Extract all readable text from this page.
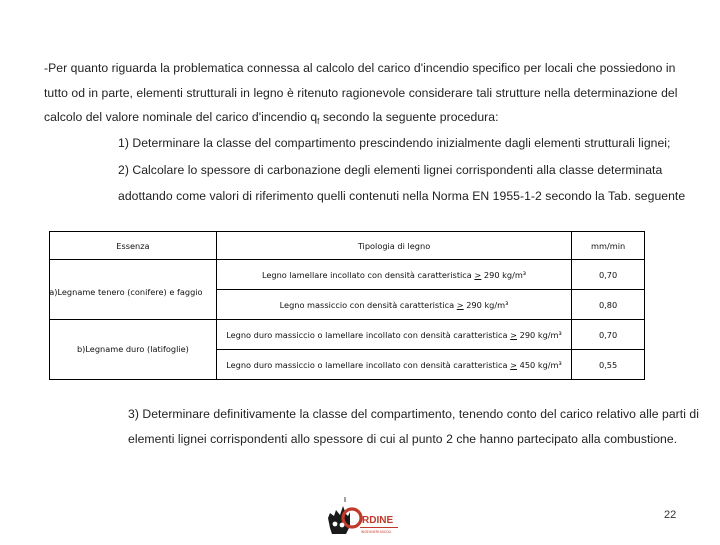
-Per quanto riguarda la problematica connessa al calcolo del carico d'incendio specifico per locali che possiedono in
tutto od in parte, elementi strutturali in legno è ritenuto ragionevole considerare tali strutture nella determinazione del
calcolo del valore nominale del carico d'incendio $q_f$ secondo la seguente procedura:
1) Determinare la classe del compartimento prescindendo inizialmente dagli elementi strutturali lignei;
2) Calcolare lo spessore di carbonazione degli elementi lignei corrispondenti alla classe determinata
adottando come valori di riferimento quelli contenuti nella Norma EN 1955-1-2 secondo la Tab. seguente
Essenza	Tipologia di legno	mm/min

a)Legname tenero (conifere) e faggio	Legno lamellare incollato con densità caratteristica > 290 kg/m³	0,70
	Legno massiccio con densità caratteristica > 290 kg/m³	0,80

b)Legname duro (latifoglie)	Legno duro massiccio o lamellare incollato con densità caratteristica > 290 kg/m³	0,70
	Legno duro massiccio o lamellare incollato con densità caratteristica > 450 kg/m³	0,55
3) Determinare definitivamente la classe del compartimento, tenendo conto del carico relativo alle parti di
elementi lignei corrispondenti allo spessore di cui al punto 2 che hanno partecipato alla combustione.
RDINE
INGEGNERI ASCOLI
22
